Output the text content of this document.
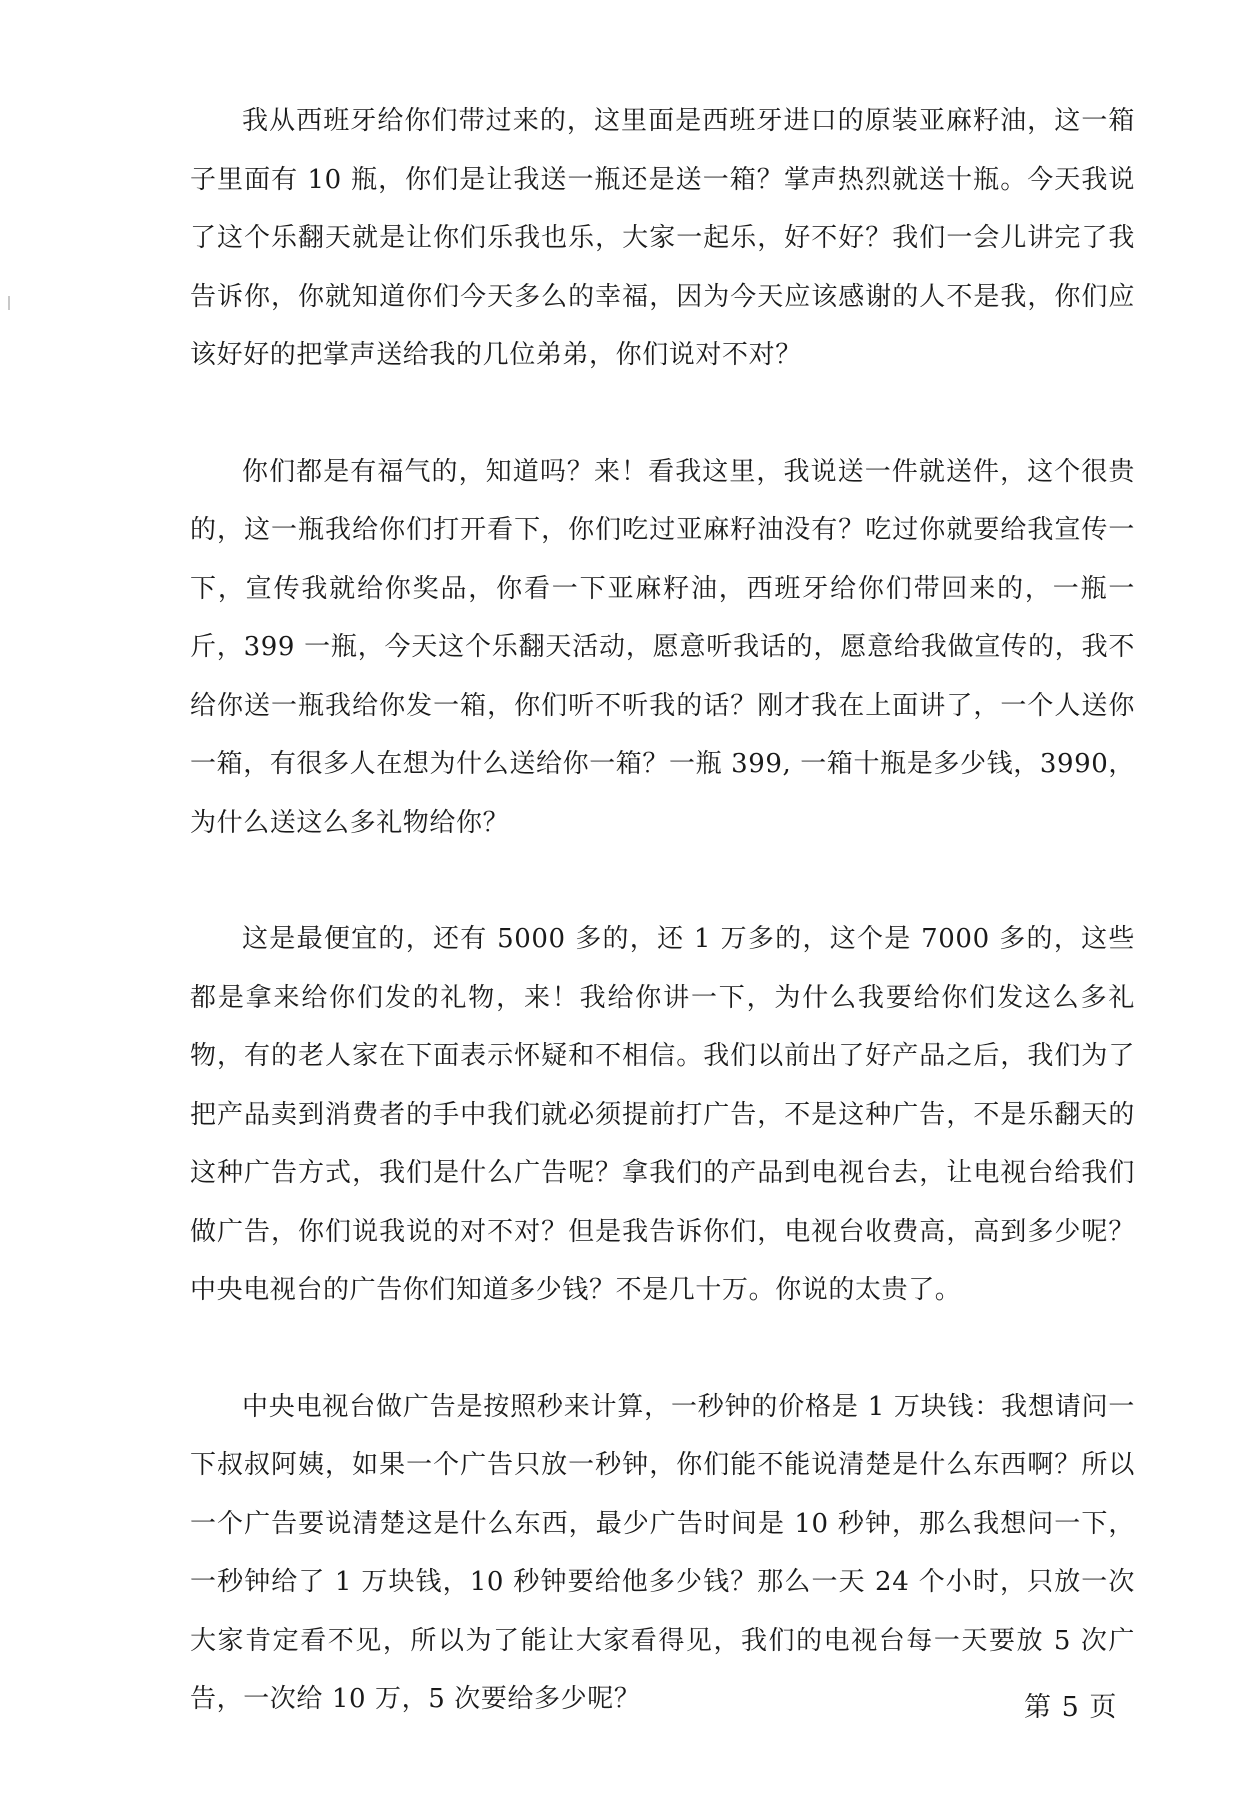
我从西班牙给你们带过来的，这里面是西班牙进口的原装亚麻籽油，这一箱子里面有 10 瓶，你们是让我送一瓶还是送一箱？掌声热烈就送十瓶。今天我说了这个乐翻天就是让你们乐我也乐，大家一起乐，好不好？我们一会儿讲完了我告诉你，你就知道你们今天多么的幸福，因为今天应该感谢的人不是我，你们应该好好的把掌声送给我的几位弟弟，你们说对不对？

你们都是有福气的，知道吗？来！看我这里，我说送一件就送件，这个很贵的，这一瓶我给你们打开看下，你们吃过亚麻籽油没有？吃过你就要给我宣传一下，宣传我就给你奖品，你看一下亚麻籽油，西班牙给你们带回来的，一瓶一斤，399 一瓶，今天这个乐翻天活动，愿意听我话的，愿意给我做宣传的，我不给你送一瓶我给你发一箱，你们听不听我的话？刚才我在上面讲了，一个人送你一箱，有很多人在想为什么送给你一箱？一瓶 399, 一箱十瓶是多少钱，3990，为什么送这么多礼物给你？

这是最便宜的，还有 5000 多的，还 1 万多的，这个是 7000 多的，这些都是拿来给你们发的礼物，来！我给你讲一下，为什么我要给你们发这么多礼物，有的老人家在下面表示怀疑和不相信。我们以前出了好产品之后，我们为了把产品卖到消费者的手中我们就必须提前打广告，不是这种广告，不是乐翻天的这种广告方式，我们是什么广告呢？拿我们的产品到电视台去，让电视台给我们做广告，你们说我说的对不对？但是我告诉你们，电视台收费高，高到多少呢？中央电视台的广告你们知道多少钱？不是几十万。你说的太贵了。

中央电视台做广告是按照秒来计算，一秒钟的价格是 1 万块钱：我想请问一下叔叔阿姨，如果一个广告只放一秒钟，你们能不能说清楚是什么东西啊？所以一个广告要说清楚这是什么东西，最少广告时间是 10 秒钟，那么我想问一下，一秒钟给了 1 万块钱，10 秒钟要给他多少钱？那么一天 24 个小时，只放一次大家肯定看不见，所以为了能让大家看得见，我们的电视台每一天要放 5 次广告，一次给 10 万，5 次要给多少呢？	第 5 页
